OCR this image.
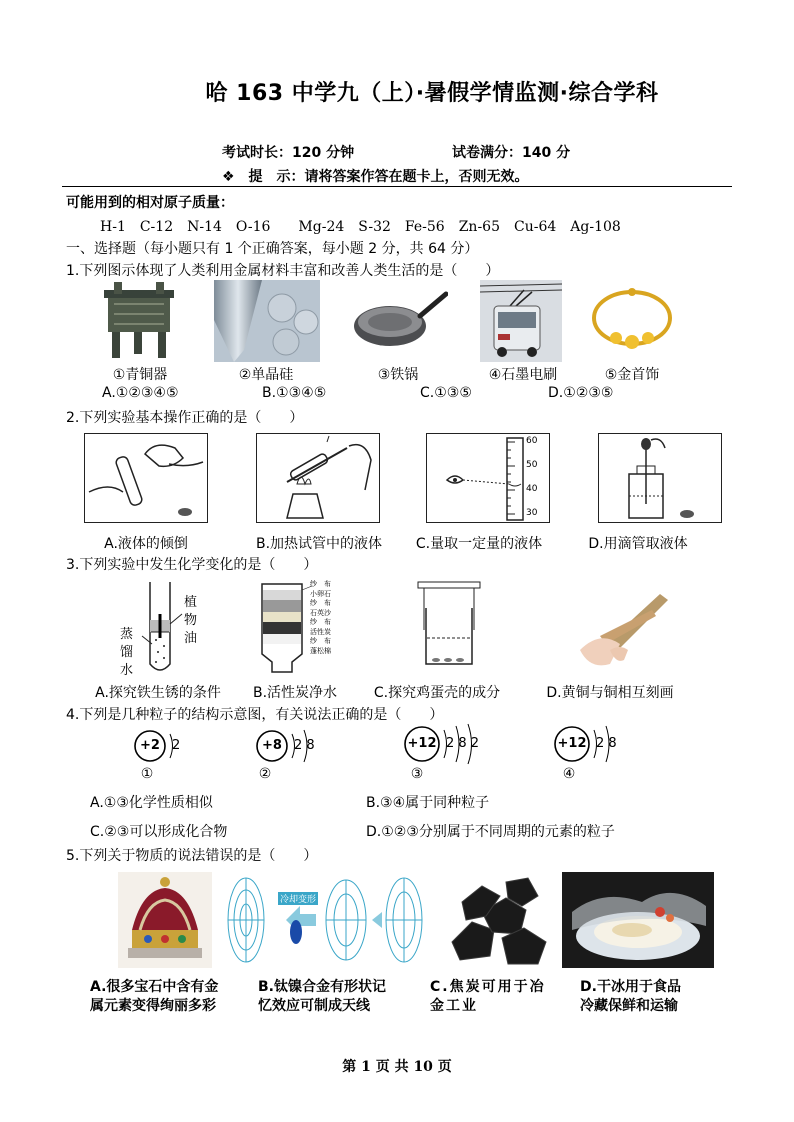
哈 163 中学九（上）·暑假学情监测·综合学科
考试时长：120 分钟	试卷满分：140 分
❖　提　示：请将答案作答在题卡上，否则无效。
可能用到的相对原子质量：
H-1　C-12　N-14　O-16　　Mg-24　S-32　Fe-56　Zn-65　Cu-64　Ag-108
一、选择题（每小题只有 1 个正确答案，每小题 2 分，共 64 分）
1.下列图示体现了人类利用金属材料丰富和改善人类生活的是（　　）
①青铜器	②单晶硅	③铁锅	④石墨电刷	⑤金首饰
A.①②③④⑤	B.①③④⑤	C.①③⑤	D.①②③⑤
2.下列实验基本操作正确的是（　　）
60
50
40
30
A.液体的倾倒	B.加热试管中的液体	C.量取一定量的液体	D.用滴管取液体
3.下列实验中发生化学变化的是（　　）
植物油
蒸馏水
纱　布
小卵石
纱　布
石英沙
纱　布
活性炭
纱　布
蓬松棉
A.探究铁生锈的条件	B.活性炭净水	C.探究鸡蛋壳的成分	D.黄铜与铜相互刻画
4.下列是几种粒子的结构示意图，有关说法正确的是（　　）
+2 2	+8 2 8	+12 2 8 2	+12 2 8
①	②	③	④
A.①③化学性质相似	B.③④属于同种粒子
C.②③可以形成化合物	D.①②③分别属于不同周期的元素的粒子
5.下列关于物质的说法错误的是（　　）
冷却变形
A.很多宝石中含有金
属元素变得绚丽多彩
B.钛镍合金有形状记
忆效应可制成天线
C.焦炭可用于冶
金工业
D.干冰用于食品
冷藏保鲜和运输
第 1 页 共 10 页
